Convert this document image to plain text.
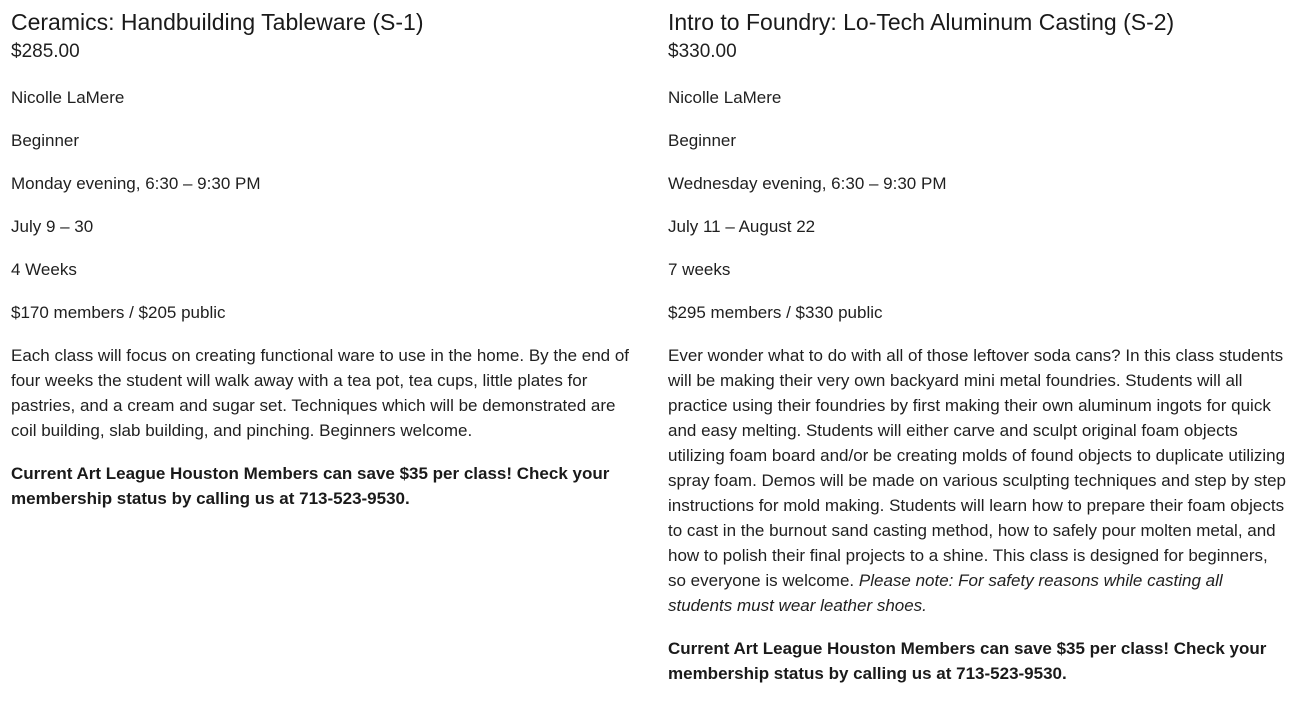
Ceramics: Handbuilding Tableware (S-1)
$285.00

Nicolle LaMere

Beginner

Monday evening, 6:30 – 9:30 PM

July 9 – 30

4 Weeks

$170 members / $205 public

Each class will focus on creating functional ware to use in the home. By the end of four weeks the student will walk away with a tea pot, tea cups, little plates for pastries, and a cream and sugar set. Techniques which will be demonstrated are coil building, slab building, and pinching. Beginners welcome.

Current Art League Houston Members can save $35 per class! Check your membership status by calling us at 713-523-9530.

Intro to Foundry: Lo-Tech Aluminum Casting (S-2)
$330.00

Nicolle LaMere

Beginner

Wednesday evening, 6:30 – 9:30 PM

July 11 – August 22

7 weeks

$295 members / $330 public

Ever wonder what to do with all of those leftover soda cans? In this class students will be making their very own backyard mini metal foundries. Students will all practice using their foundries by first making their own aluminum ingots for quick and easy melting. Students will either carve and sculpt original foam objects utilizing foam board and/or be creating molds of found objects to duplicate utilizing spray foam. Demos will be made on various sculpting techniques and step by step instructions for mold making. Students will learn how to prepare their foam objects to cast in the burnout sand casting method, how to safely pour molten metal, and how to polish their final projects to a shine. This class is designed for beginners, so everyone is welcome. Please note: For safety reasons while casting all students must wear leather shoes.

Current Art League Houston Members can save $35 per class! Check your membership status by calling us at 713-523-9530.
